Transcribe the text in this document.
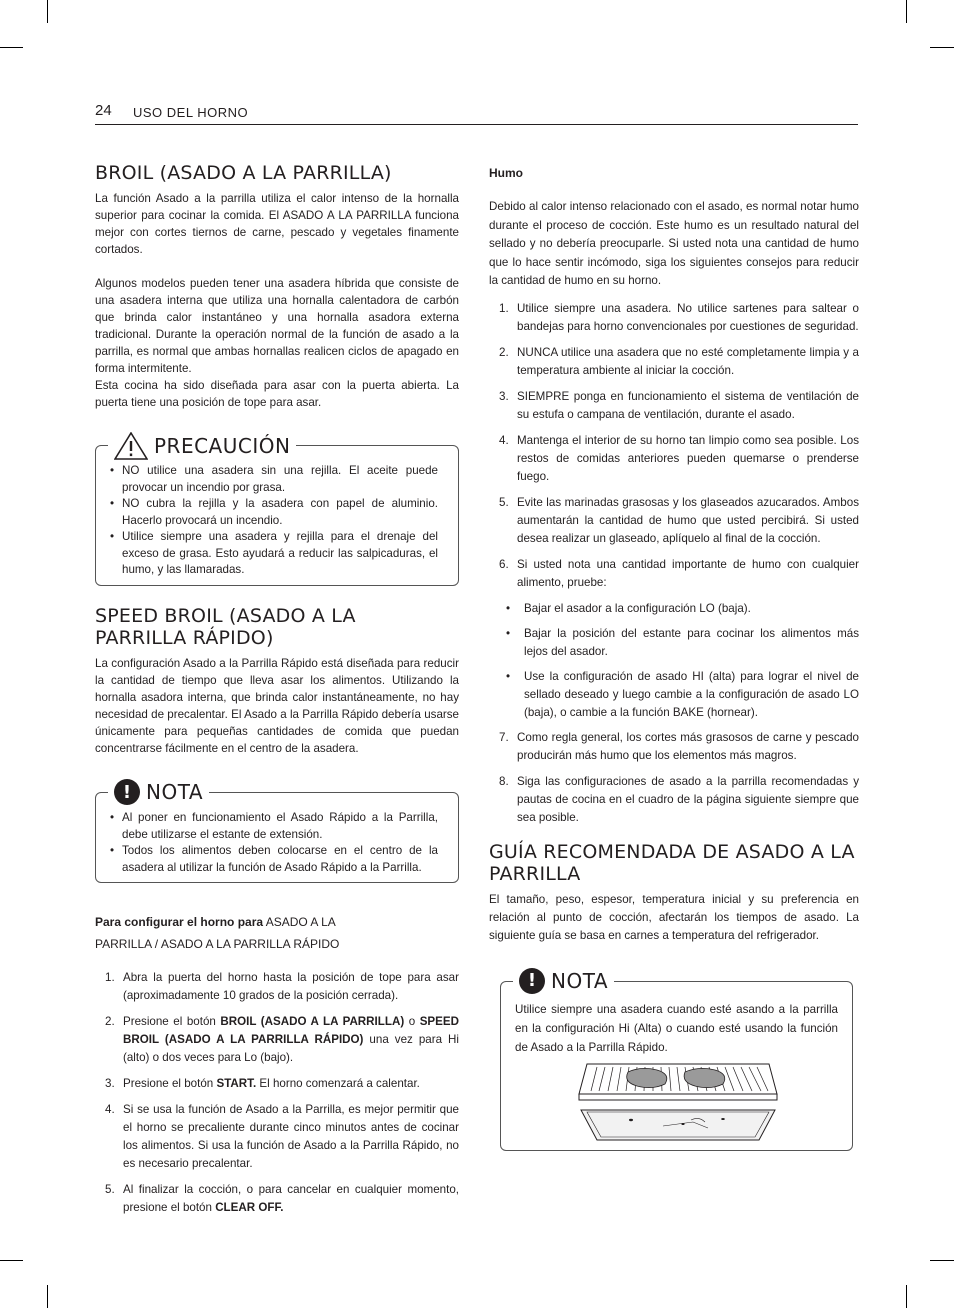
24 USO DEL HORNO
BROIL (ASADO A LA PARRILLA)

La función Asado a la parrilla utiliza el calor intenso de la hornalla superior para cocinar la comida. El ASADO A LA PARRILLA funciona mejor con cortes tiernos de carne, pescado y vegetales finamente cortados.

Algunos modelos pueden tener una asadera híbrida que consiste de una asadera interna que utiliza una hornalla calentadora de carbón que brinda calor instantáneo y una hornalla asadora externa tradicional. Durante la operación normal de la función de asado a la parrilla, es normal que ambas hornallas realicen ciclos de apagado en forma intermitente.

Esta cocina ha sido diseñada para asar con la puerta abierta. La puerta tiene una posición de tope para asar.

PRECAUCIÓN
• NO utilice una asadera sin una rejilla. El aceite puede provocar un incendio por grasa.
• NO cubra la rejilla y la asadera con papel de aluminio. Hacerlo provocará un incendio.
• Utilice siempre una asadera y rejilla para el drenaje del exceso de grasa. Esto ayudará a reducir las salpicaduras, el humo, y las llamaradas.
SPEED BROIL (ASADO A LA PARRILLA RÁPIDO)

La configuración Asado a la Parrilla Rápido está diseñada para reducir la cantidad de tiempo que lleva asar los alimentos. Utilizando la hornalla asadora interna, que brinda calor instantáneamente, no hay necesidad de precalentar. El Asado a la Parrilla Rápido debería usarse únicamente para pequeñas cantidades de comida que puedan concentrarse fácilmente en el centro de la asadera.

! NOTA
• Al poner en funcionamiento el Asado Rápido a la Parrilla, debe utilizarse el estante de extensión.
• Todos los alimentos deben colocarse en el centro de la asadera al utilizar la función de Asado Rápido a la Parrilla.
Para configurar el horno para ASADO A LA
PARRILLA / ASADO A LA PARRILLA RÁPIDO
1. Abra la puerta del horno hasta la posición de tope para asar (aproximadamente 10 grados de la posición cerrada).
2. Presione el botón BROIL (ASADO A LA PARRILLA) o SPEED BROIL (ASADO A LA PARRILLA RÁPIDO) una vez para Hi (alto) o dos veces para Lo (bajo).
3. Presione el botón START. El horno comenzará a calentar.
4. Si se usa la función de Asado a la Parrilla, es mejor permitir que el horno se precaliente durante cinco minutos antes de cocinar los alimentos. Si usa la función de Asado a la Parrilla Rápido, no es necesario precalentar.
5. Al finalizar la cocción, o para cancelar en cualquier momento, presione el botón CLEAR OFF.
Humo

Debido al calor intenso relacionado con el asado, es normal notar humo durante el proceso de cocción. Este humo es un resultado natural del sellado y no debería preocuparle. Si usted nota una cantidad de humo que lo hace sentir incómodo, siga los siguientes consejos para reducir la cantidad de humo en su horno.

1. Utilice siempre una asadera. No utilice sartenes para saltear o bandejas para horno convencionales por cuestiones de seguridad.
2. NUNCA utilice una asadera que no esté completamente limpia y a temperatura ambiente al iniciar la cocción.
3. SIEMPRE ponga en funcionamiento el sistema de ventilación de su estufa o campana de ventilación, durante el asado.
4. Mantenga el interior de su horno tan limpio como sea posible. Los restos de comidas anteriores pueden quemarse o prenderse fuego.
5. Evite las marinadas grasosas y los glaseados azucarados. Ambos aumentarán la cantidad de humo que usted percibirá. Si usted desea realizar un glaseado, aplíquelo al final de la cocción.
6. Si usted nota una cantidad importante de humo con cualquier alimento, pruebe:
• Bajar el asador a la configuración LO (baja).
• Bajar la posición del estante para cocinar los alimentos más lejos del asador.
• Use la configuración de asado HI (alta) para lograr el nivel de sellado deseado y luego cambie a la configuración de asado LO (baja), o cambie a la función BAKE (hornear).
7. Como regla general, los cortes más grasosos de carne y pescado producirán más humo que los elementos más magros.
8. Siga las configuraciones de asado a la parrilla recomendadas y pautas de cocina en el cuadro de la página siguiente siempre que sea posible.
GUÍA RECOMENDADA DE ASADO A LA PARRILLA

El tamaño, peso, espesor, temperatura inicial y su preferencia en relación al punto de cocción, afectarán los tiempos de asado. La siguiente guía se basa en carnes a temperatura del refrigerador.

! NOTA

Utilice siempre una asadera cuando esté asando a la parrilla en la configuración Hi (Alta) o cuando esté usando la función de Asado a la Parrilla Rápido.
